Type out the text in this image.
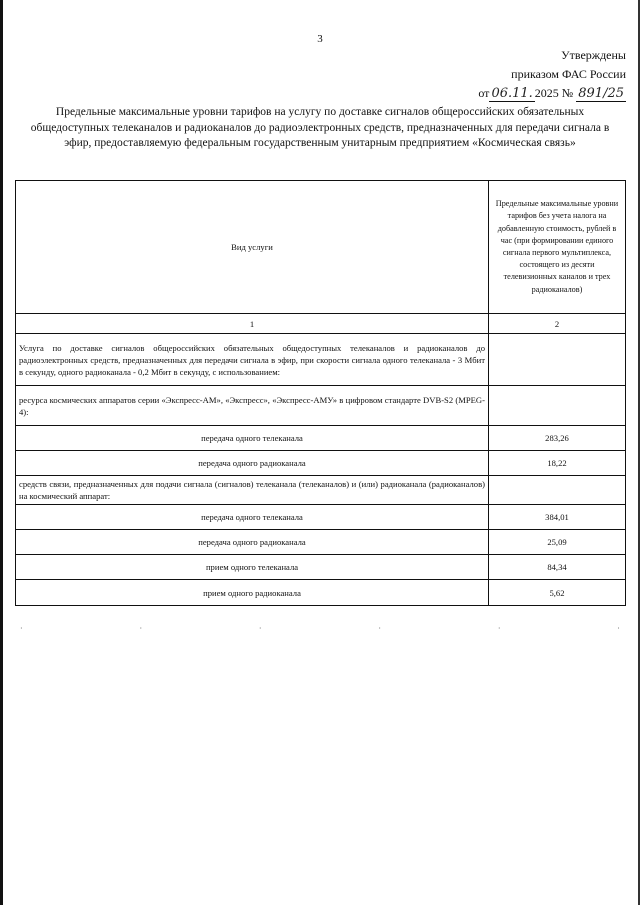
3
Утверждены
приказом ФАС России
от 06.11. 2025 № 891/25
Предельные максимальные уровни тарифов на услугу по доставке сигналов общероссийских обязательных общедоступных телеканалов и радиоканалов до радиоэлектронных средств, предназначенных для передачи сигнала в эфир, предоставляемую федеральным государственным унитарным предприятием «Космическая связь»
Вид услуги	Предельные максимальные уровни тарифов без учета налога на добавленную стоимость, рублей в час (при формировании единого сигнала первого мультиплекса, состоящего из десяти телевизионных каналов и трех радиоканалов)
1	2
Услуга по доставке сигналов общероссийских обязательных общедоступных телеканалов и радиоканалов до радиоэлектронных средств, предназначенных для передачи сигнала в эфир, при скорости сигнала одного телеканала - 3 Мбит в секунду, одного радиоканала - 0,2 Мбит в секунду, с использованием:	
ресурса космических аппаратов серии «Экспресс-АМ», «Экспресс», «Экспресс-АМУ» в цифровом стандарте DVB-S2 (MPEG-4):	
передача одного телеканала	283,26
передача одного радиоканала	18,22
средств связи, предназначенных для подачи сигнала (сигналов) телеканала (телеканалов) и (или) радиоканала (радиоканалов) на космический аппарат:	
передача одного телеканала	384,01
передача одного радиоканала	25,09
прием одного телеканала	84,34
прием одного радиоканала	5,62
·	·	·	·	·	·
